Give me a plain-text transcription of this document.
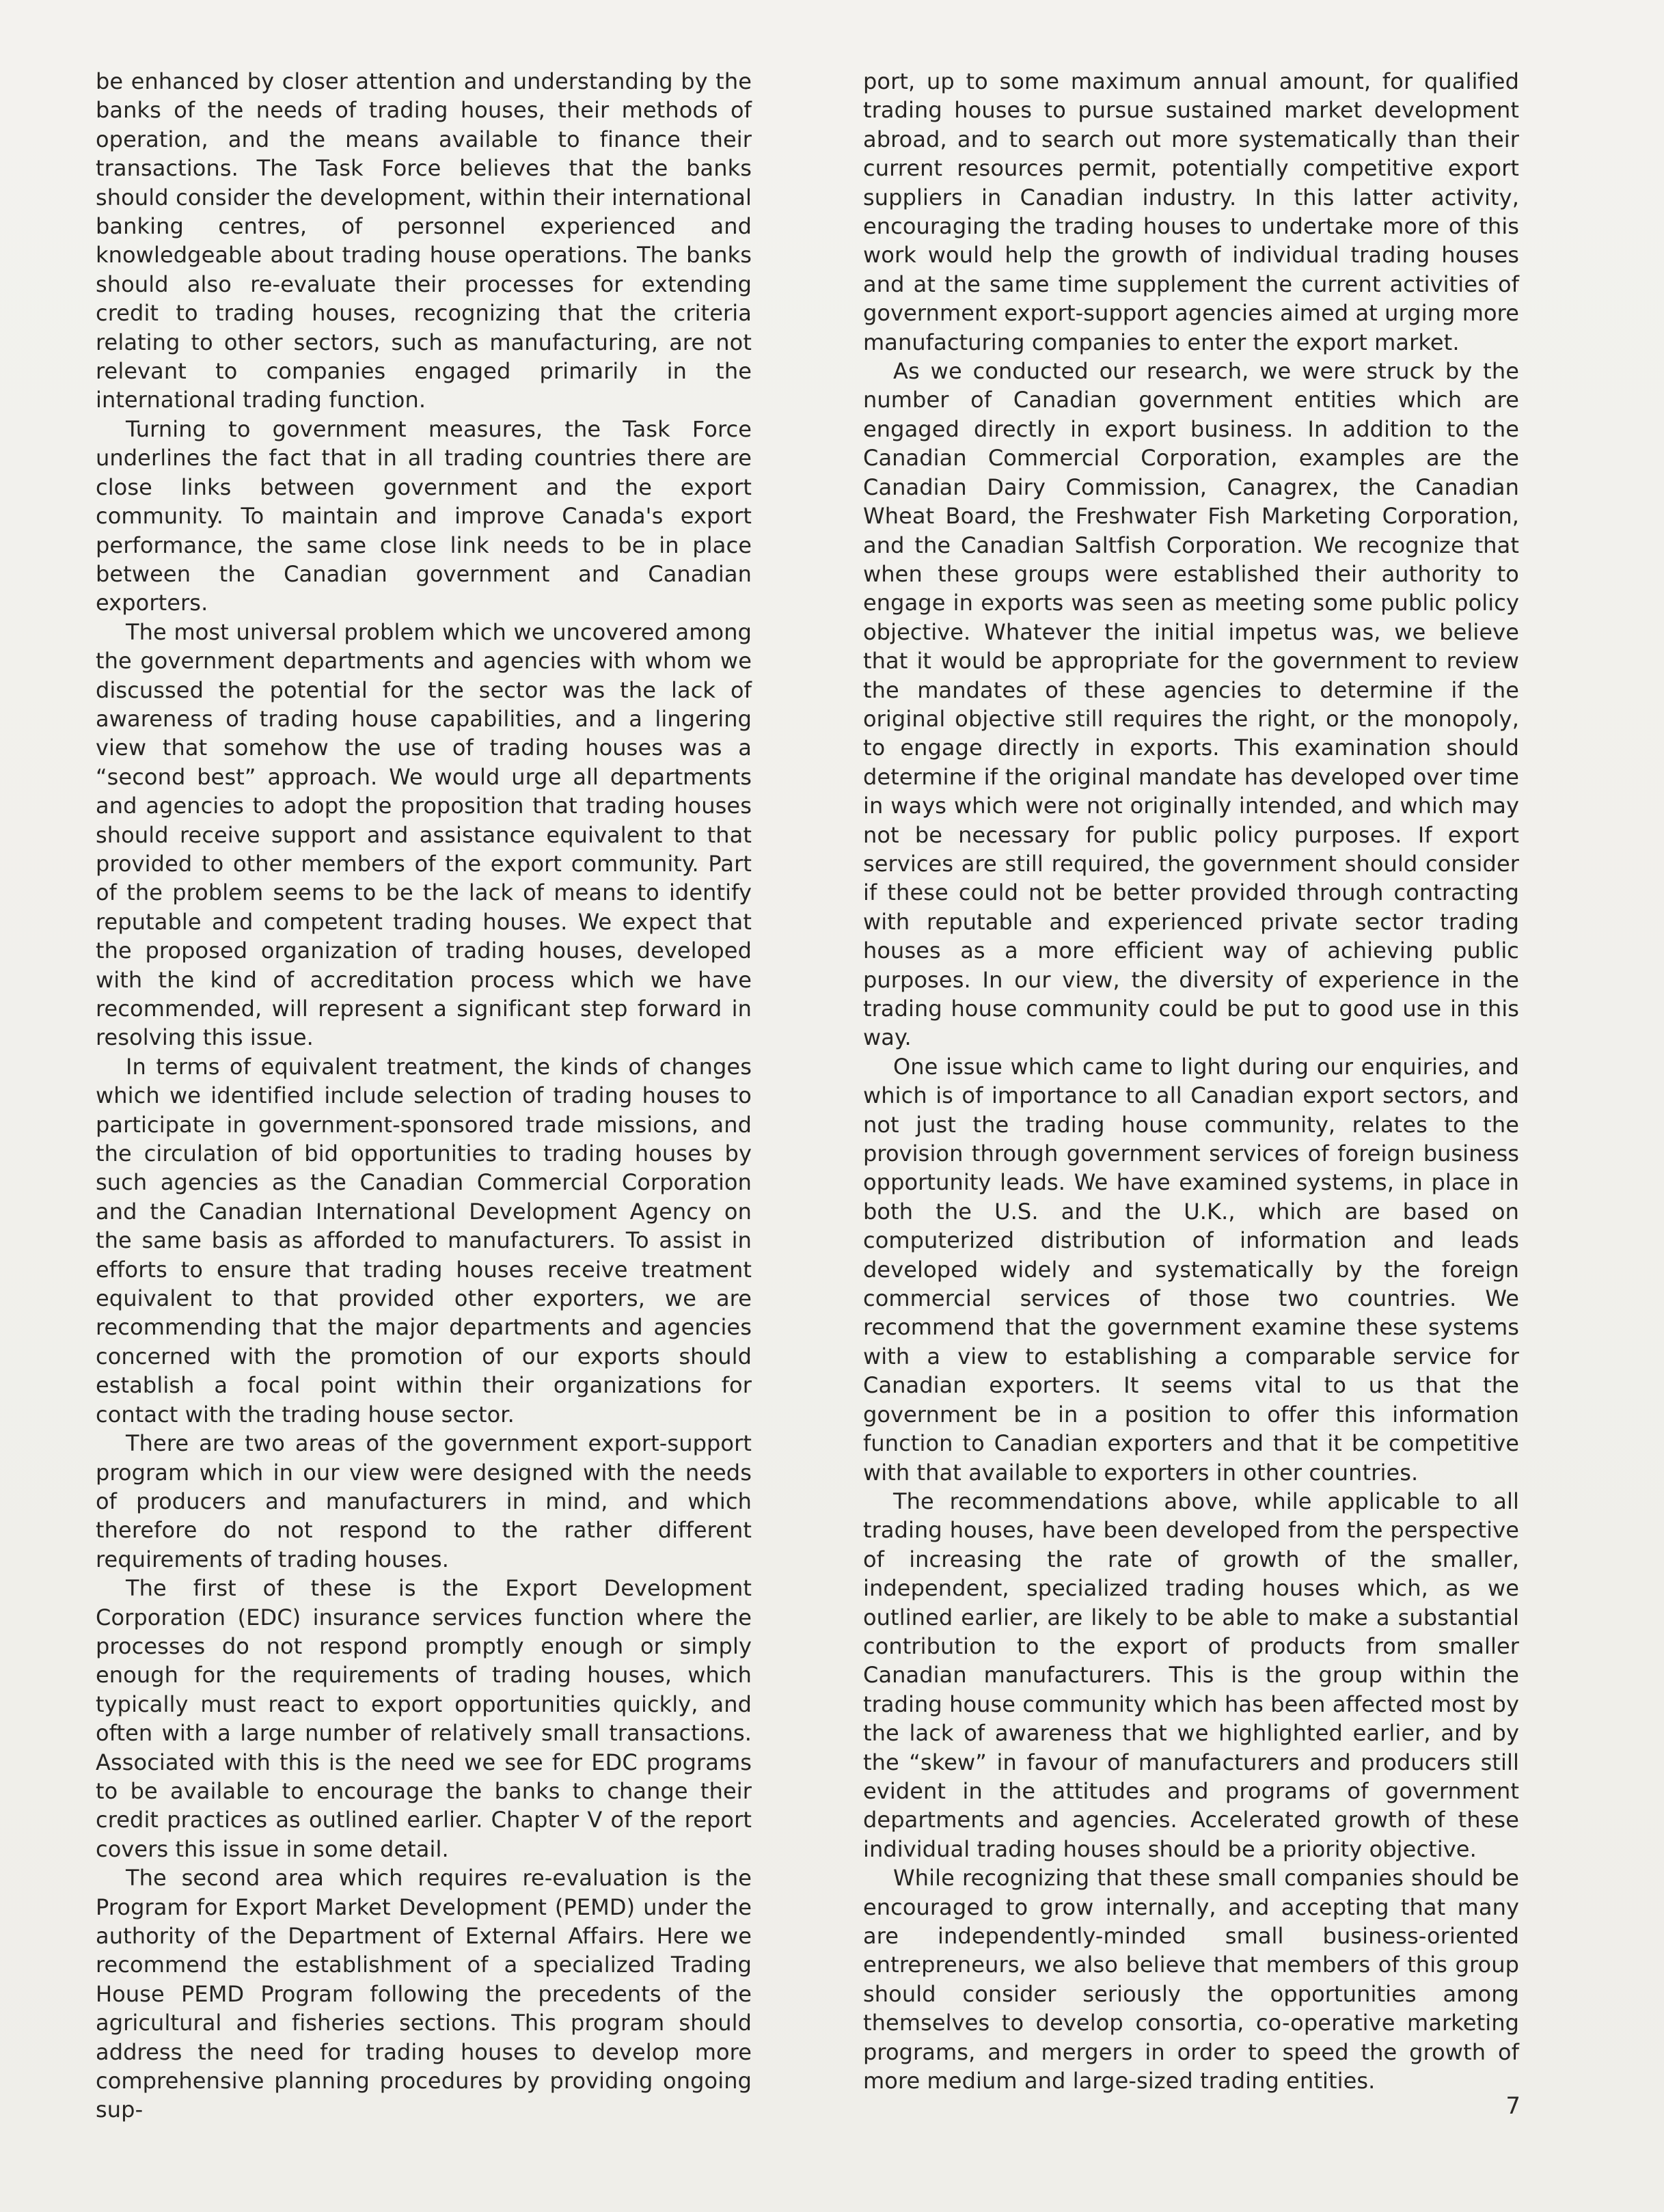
be enhanced by closer attention and understanding by the banks of the needs of trading houses, their methods of operation, and the means available to finance their transactions. The Task Force believes that the banks should consider the development, within their international banking centres, of personnel experienced and knowledgeable about trading house operations. The banks should also re-evaluate their processes for extending credit to trading houses, recognizing that the criteria relating to other sectors, such as manufacturing, are not relevant to companies engaged primarily in the international trading function.

Turning to government measures, the Task Force underlines the fact that in all trading countries there are close links between government and the export community. To maintain and improve Canada's export performance, the same close link needs to be in place between the Canadian government and Canadian exporters.

The most universal problem which we uncovered among the government departments and agencies with whom we discussed the potential for the sector was the lack of awareness of trading house capabilities, and a lingering view that somehow the use of trading houses was a “second best” approach. We would urge all departments and agencies to adopt the proposition that trading houses should receive support and assistance equivalent to that provided to other members of the export community. Part of the problem seems to be the lack of means to identify reputable and competent trading houses. We expect that the proposed organization of trading houses, developed with the kind of accreditation process which we have recommended, will represent a significant step forward in resolving this issue.

In terms of equivalent treatment, the kinds of changes which we identified include selection of trading houses to participate in government-sponsored trade missions, and the circulation of bid opportunities to trading houses by such agencies as the Canadian Commercial Corporation and the Canadian International Development Agency on the same basis as afforded to manufacturers. To assist in efforts to ensure that trading houses receive treatment equivalent to that provided other exporters, we are recommending that the major departments and agencies concerned with the promotion of our exports should establish a focal point within their organizations for contact with the trading house sector.

There are two areas of the government export-support program which in our view were designed with the needs of producers and manufacturers in mind, and which therefore do not respond to the rather different requirements of trading houses.

The first of these is the Export Development Corporation (EDC) insurance services function where the processes do not respond promptly enough or simply enough for the requirements of trading houses, which typically must react to export opportunities quickly, and often with a large number of relatively small transactions. Associated with this is the need we see for EDC programs to be available to encourage the banks to change their credit practices as outlined earlier. Chapter V of the report covers this issue in some detail.

The second area which requires re-evaluation is the Program for Export Market Development (PEMD) under the authority of the Department of External Affairs. Here we recommend the establishment of a specialized Trading House PEMD Program following the precedents of the agricultural and fisheries sections. This program should address the need for trading houses to develop more comprehensive planning procedures by providing ongoing sup-

port, up to some maximum annual amount, for qualified trading houses to pursue sustained market development abroad, and to search out more systematically than their current resources permit, potentially competitive export suppliers in Canadian industry. In this latter activity, encouraging the trading houses to undertake more of this work would help the growth of individual trading houses and at the same time supplement the current activities of government export-support agencies aimed at urging more manufacturing companies to enter the export market.

As we conducted our research, we were struck by the number of Canadian government entities which are engaged directly in export business. In addition to the Canadian Commercial Corporation, examples are the Canadian Dairy Commission, Canagrex, the Canadian Wheat Board, the Freshwater Fish Marketing Corporation, and the Canadian Saltfish Corporation. We recognize that when these groups were established their authority to engage in exports was seen as meeting some public policy objective. Whatever the initial impetus was, we believe that it would be appropriate for the government to review the mandates of these agencies to determine if the original objective still requires the right, or the monopoly, to engage directly in exports. This examination should determine if the original mandate has developed over time in ways which were not originally intended, and which may not be necessary for public policy purposes. If export services are still required, the government should consider if these could not be better provided through contracting with reputable and experienced private sector trading houses as a more efficient way of achieving public purposes. In our view, the diversity of experience in the trading house community could be put to good use in this way.

One issue which came to light during our enquiries, and which is of importance to all Canadian export sectors, and not just the trading house community, relates to the provision through government services of foreign business opportunity leads. We have examined systems, in place in both the U.S. and the U.K., which are based on computerized distribution of information and leads developed widely and systematically by the foreign commercial services of those two countries. We recommend that the government examine these systems with a view to establishing a comparable service for Canadian exporters. It seems vital to us that the government be in a position to offer this information function to Canadian exporters and that it be competitive with that available to exporters in other countries.

The recommendations above, while applicable to all trading houses, have been developed from the perspective of increasing the rate of growth of the smaller, independent, specialized trading houses which, as we outlined earlier, are likely to be able to make a substantial contribution to the export of products from smaller Canadian manufacturers. This is the group within the trading house community which has been affected most by the lack of awareness that we highlighted earlier, and by the “skew” in favour of manufacturers and producers still evident in the attitudes and programs of government departments and agencies. Accelerated growth of these individual trading houses should be a priority objective.

While recognizing that these small companies should be encouraged to grow internally, and accepting that many are independently-minded small business-oriented entrepreneurs, we also believe that members of this group should consider seriously the opportunities among themselves to develop consortia, co-operative marketing programs, and mergers in order to speed the growth of more medium and large-sized trading entities.

7
